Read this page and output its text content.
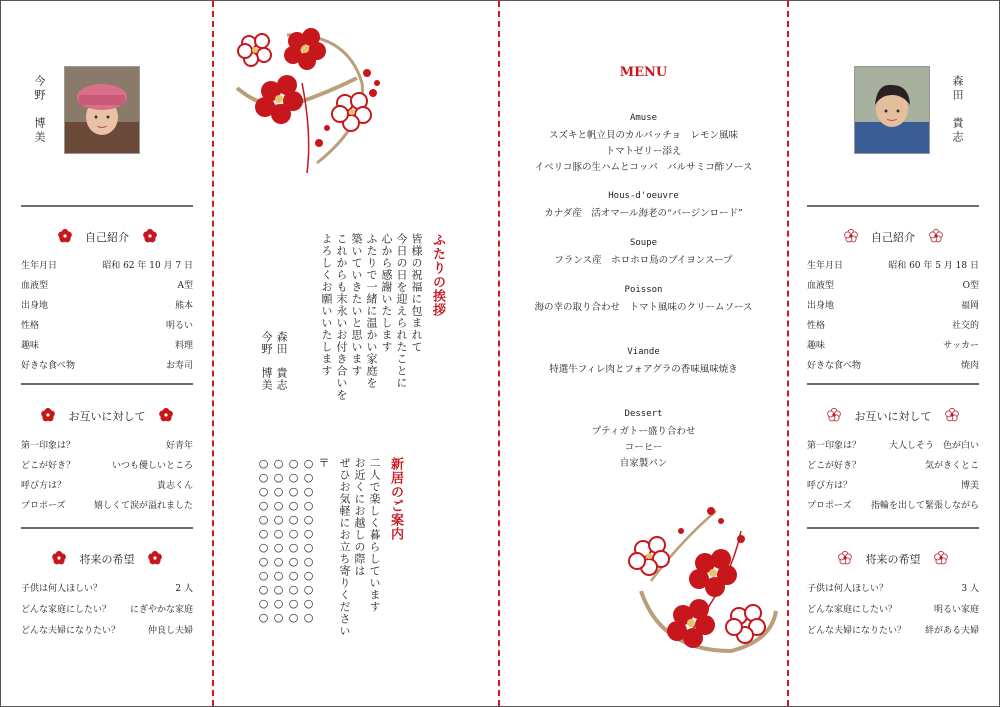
今野博美
自己紹介
生年月日	昭和 62 年 10 月 7 日
血液型	A型
出身地	熊本
性格	明るい
趣味	料理
好きな食べ物	お寿司
お互いに対して
第一印象は？	好青年
どこが好き？	いつも優しいところ
呼び方は？	貴志くん
プロポーズ	嬉しくて涙が溢れました
将来の希望
子供は何人ほしい？	2 人
どんな家庭にしたい？ にぎやかな家庭
どんな夫婦になりたい？	仲良し夫婦
ふたりの挨拶
皆様の祝福に包まれて
今日の日を迎えられたことに
心から感謝いたします
ふたりで一緒に温かい家庭を
築いていきたいと思います
これからも末永いお付き合いを
よろしくお願いいたします
森田　貴志
今野　博美
新居のご案内
二人で楽しく暮らしています
お近くにお越しの際は
ぜひお気軽にお立ち寄りください
〒
○○○○○○○○○○○○
○○○○○○○○○○○○
○○○○○○○○○○○○
○○○○○○○○○○○○
MENU
Amuse
スズキと帆立貝のカルパッチョ　レモン風味
トマトゼリー添え
イベリコ豚の生ハムとコッパ　バルサミコ酢ソース
Hous-d'oeuvre
カナダ産　活オマール海老の“バージンロード”
Soupe
フランス産　ホロホロ鳥のブイヨンスープ
Poisson
海の幸の取り合わせ　トマト風味のクリームソース
Viande
特選牛フィレ肉とフォアグラの香味風味焼き
Dessert
プティガトー盛り合わせ
コーヒー
自家製パン
森田貴志
自己紹介
生年月日	昭和 60 年 5 月 18 日
血液型	O型
出身地	福岡
性格	社交的
趣味	サッカー
好きな食べ物	焼肉
お互いに対して
第一印象は？	大人しそう　色が白い
どこが好き？	気がきくとこ
呼び方は？	博美
プロポーズ 指輪を出して緊張しながら
将来の希望
子供は何人ほしい？	3 人
どんな家庭にしたい？	明るい家庭
どんな夫婦になりたい？ 絆がある夫婦
